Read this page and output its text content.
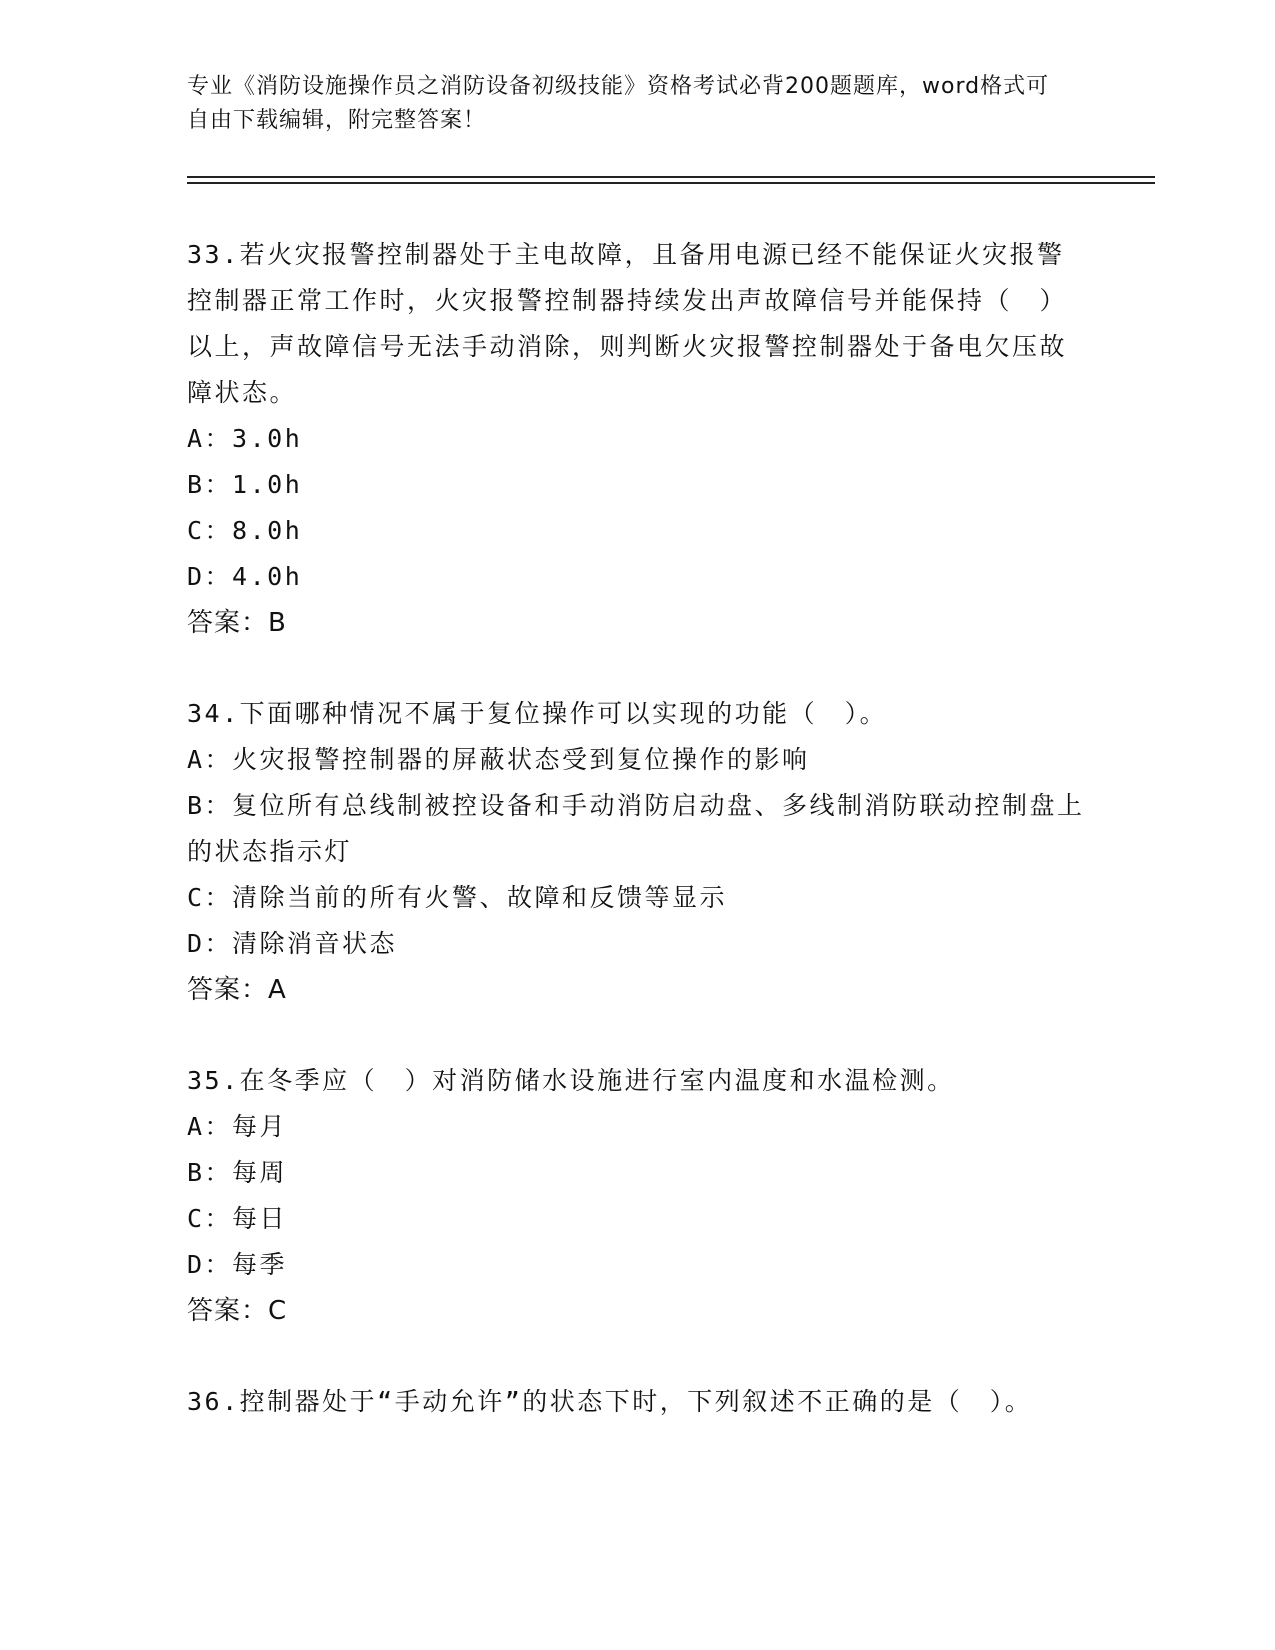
专业《消防设施操作员之消防设备初级技能》资格考试必背200题题库，word格式可自由下载编辑，附完整答案！

33.若火灾报警控制器处于主电故障，且备用电源已经不能保证火灾报警控制器正常工作时，火灾报警控制器持续发出声故障信号并能保持（　）以上，声故障信号无法手动消除，则判断火灾报警控制器处于备电欠压故障状态。

A：3.0h

B：1.0h

C：8.0h

D：4.0h

答案：B

34.下面哪种情况不属于复位操作可以实现的功能（　）。

A：火灾报警控制器的屏蔽状态受到复位操作的影响

B：复位所有总线制被控设备和手动消防启动盘、多线制消防联动控制盘上的状态指示灯

C：清除当前的所有火警、故障和反馈等显示

D：清除消音状态

答案：A

35.在冬季应（　）对消防储水设施进行室内温度和水温检测。

A：每月

B：每周

C：每日

D：每季

答案：C

36.控制器处于“手动允许”的状态下时，下列叙述不正确的是（　）。
